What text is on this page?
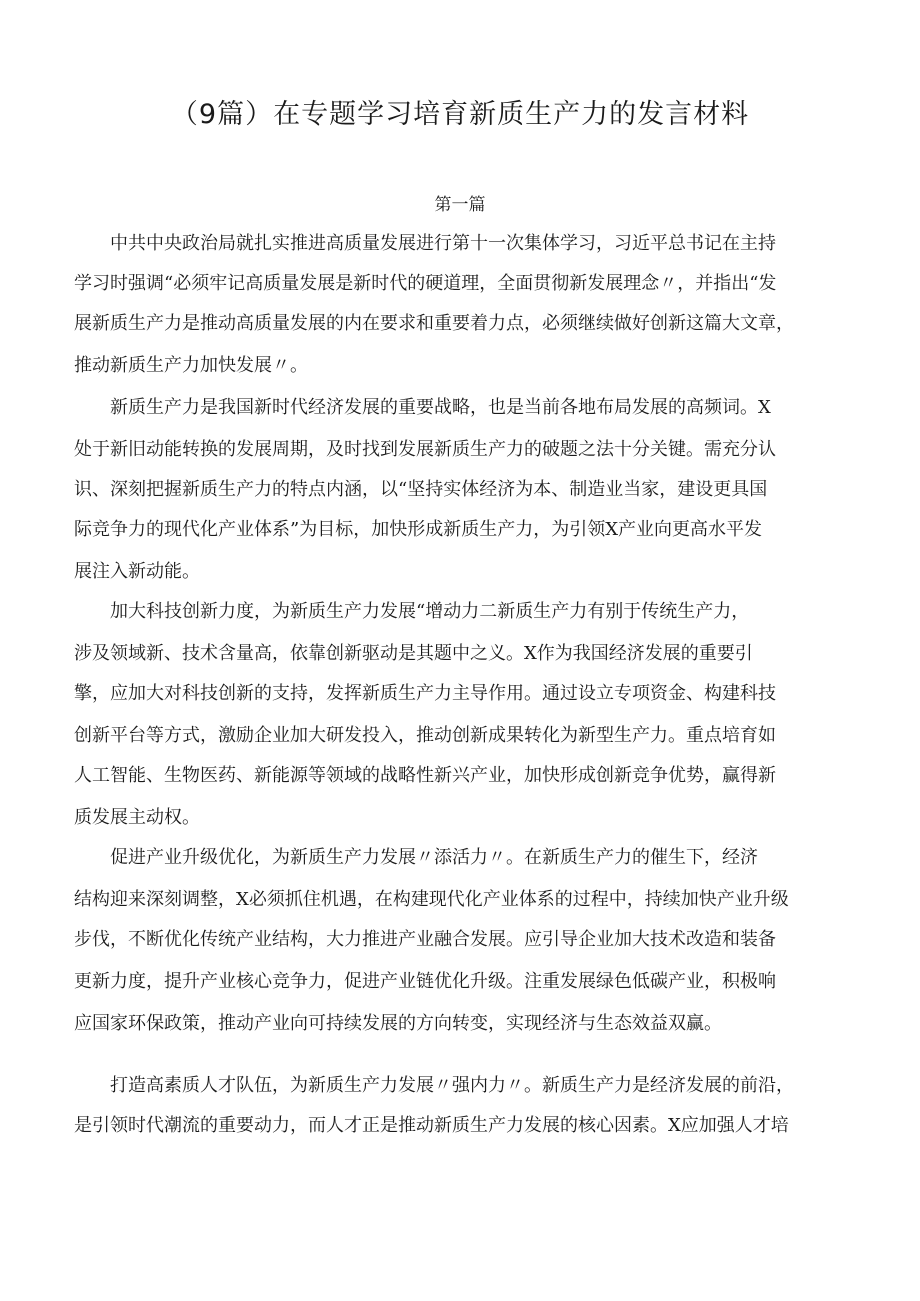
（9篇）在专题学习培育新质生产力的发言材料
第一篇
　　中共中央政治局就扎实推进高质量发展进行第十一次集体学习，习近平总书记在主持
学习时强调“必须牢记高质量发展是新时代的硬道理，全面贯彻新发展理念〃，并指出“发
展新质生产力是推动高质量发展的内在要求和重要着力点，必须继续做好创新这篇大文章，
推动新质生产力加快发展〃。
　　新质生产力是我国新时代经济发展的重要战略，也是当前各地布局发展的高频词。X
处于新旧动能转换的发展周期，及时找到发展新质生产力的破题之法十分关键。需充分认
识、深刻把握新质生产力的特点内涵，以“坚持实体经济为本、制造业当家，建设更具国
际竞争力的现代化产业体系”为目标，加快形成新质生产力，为引领X产业向更高水平发
展注入新动能。
　　加大科技创新力度，为新质生产力发展“增动力二新质生产力有别于传统生产力，
涉及领域新、技术含量高，依靠创新驱动是其题中之义。X作为我国经济发展的重要引
擎，应加大对科技创新的支持，发挥新质生产力主导作用。通过设立专项资金、构建科技
创新平台等方式，激励企业加大研发投入，推动创新成果转化为新型生产力。重点培育如
人工智能、生物医药、新能源等领域的战略性新兴产业，加快形成创新竞争优势，赢得新
质发展主动权。
　　促进产业升级优化，为新质生产力发展〃添活力〃。在新质生产力的催生下，经济
结构迎来深刻调整，X必须抓住机遇，在构建现代化产业体系的过程中，持续加快产业升级
步伐，不断优化传统产业结构，大力推进产业融合发展。应引导企业加大技术改造和装备
更新力度，提升产业核心竞争力，促进产业链优化升级。注重发展绿色低碳产业，积极响
应国家环保政策，推动产业向可持续发展的方向转变，实现经济与生态效益双赢。
　　打造高素质人才队伍，为新质生产力发展〃强内力〃。新质生产力是经济发展的前沿，
是引领时代潮流的重要动力，而人才正是推动新质生产力发展的核心因素。X应加强人才培
